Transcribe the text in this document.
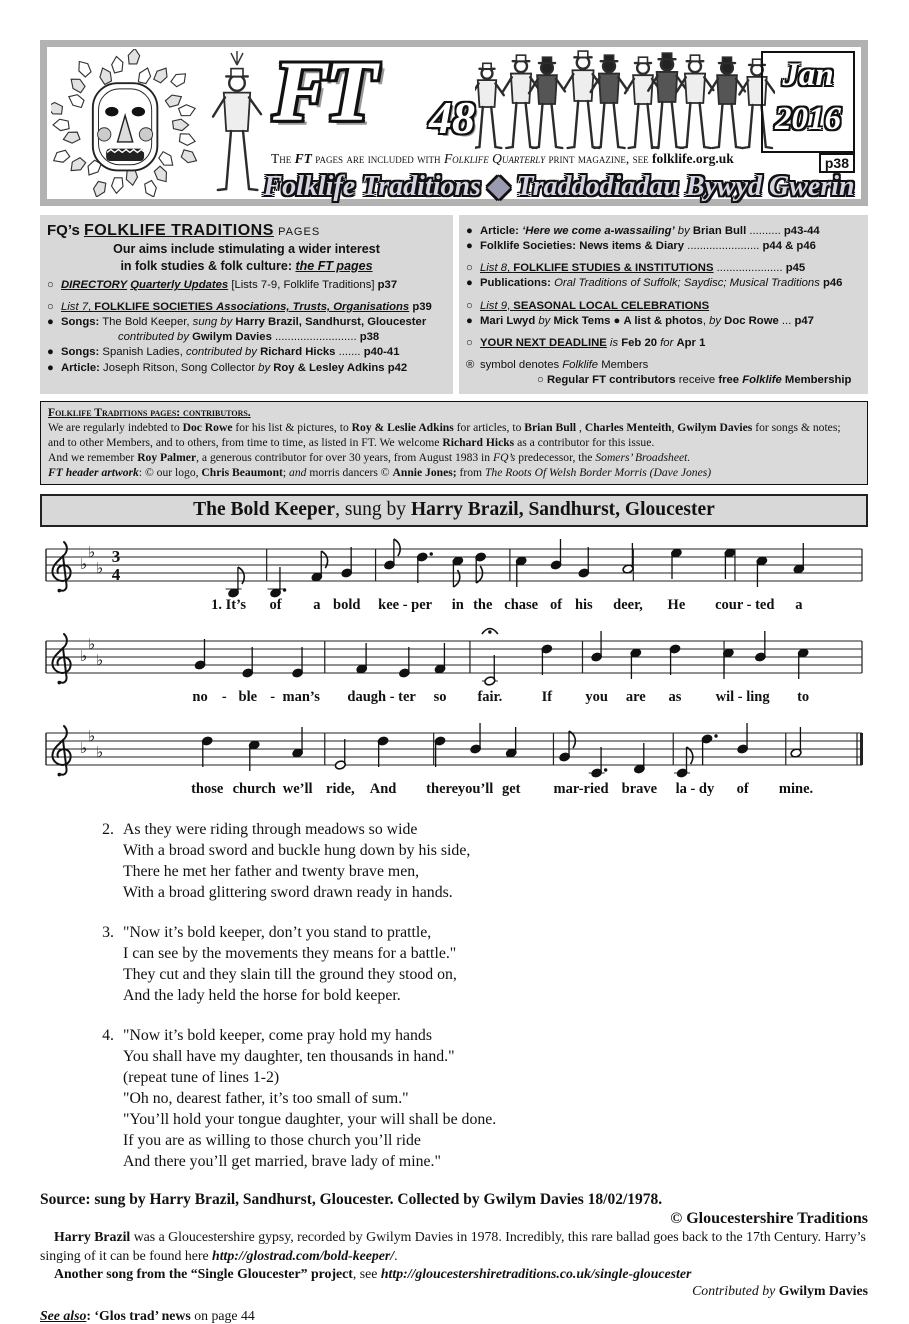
FT 48
Jan
2016
p38
The FT pages are included with Folklife Quarterly print magazine, see folklife.org.uk
Folklife Traditions ◆ Traddodiadau Bywyd Gwerin
FQ’s FOLKLIFE TRADITIONS PAGES
Our aims include stimulating a wider interest
in folk studies & folk culture: the FT pages
○ DIRECTORY Quarterly Updates [Lists 7-9, Folklife Traditions] p37
○ List 7, FOLKLIFE SOCIETIES Associations, Trusts, Organisations p39
● Songs: The Bold Keeper, sung by Harry Brazil, Sandhurst, Gloucester
contributed by Gwilym Davies .......................... p38
● Songs: Spanish Ladies, contributed by Richard Hicks ....... p40-41
● Article: Joseph Ritson, Song Collector by Roy & Lesley Adkins p42
● Article: ‘Here we come a-wassailing’ by Brian Bull .......... p43-44
● Folklife Societies: News items & Diary ....................... p44 & p46
○ List 8, FOLKLIFE STUDIES & INSTITUTIONS ..................... p45
● Publications: Oral Traditions of Suffolk; Saydisc; Musical Traditions p46
○ List 9, SEASONAL LOCAL CELEBRATIONS
● Mari Lwyd by Mick Tems ● A list & photos, by Doc Rowe ... p47
○ YOUR NEXT DEADLINE is Feb 20 for Apr 1
® symbol denotes Folklife Members
○ Regular FT contributors receive free Folklife Membership
Folklife Traditions pages: contributors.
We are regularly indebted to Doc Rowe for his list & pictures, to Roy & Leslie Adkins for articles, to Brian Bull , Charles Menteith, Gwilym Davies for songs & notes; and to other Members, and to others, from time to time, as listed in FT. We welcome Richard Hicks as a contributor for this issue.
And we remember Roy Palmer, a generous contributor for over 30 years, from August 1983 in FQ’s predecessor, the Somers’ Broadsheet.
FT header artwork: © our logo, Chris Beaumont; and morris dancers © Annie Jones; from The Roots Of Welsh Border Morris (Dave Jones)
The Bold Keeper, sung by Harry Brazil, Sandhurst, Gloucester
♭
♭
♭
3
4
1. It’s of a bold kee - per in the chase of his deer, He cour - ted a
♭
♭
♭
no - ble - man’s daugh - ter so fair.	If you are as wil - ling to
♭
♭
♭
those church we’ll ride, And there you’ll get mar-ried brave la - dy of mine.
2. As they were riding through meadows so wide
With a broad sword and buckle hung down by his side,
There he met her father and twenty brave men,
With a broad glittering sword drawn ready in hands.
3. "Now it’s bold keeper, don’t you stand to prattle,
I can see by the movements they means for a battle."
They cut and they slain till the ground they stood on,
And the lady held the horse for bold keeper.
4. "Now it’s bold keeper, come pray hold my hands
You shall have my daughter, ten thousands in hand."
(repeat tune of lines 1-2)
"Oh no, dearest father, it’s too small of sum."
"You’ll hold your tongue daughter, your will shall be done.
If you are as willing to those church you’ll ride
And there you’ll get married, brave lady of mine."
Source: sung by Harry Brazil, Sandhurst, Gloucester. Collected by Gwilym Davies 18/02/1978.
© Gloucestershire Traditions
Harry Brazil was a Gloucestershire gypsy, recorded by Gwilym Davies in 1978. Incredibly, this rare ballad goes back to the 17th Century. Harry’s singing of it can be found here http://glostrad.com/bold-keeper/.
Another song from the “Single Gloucester” project, see http://gloucestershiretraditions.co.uk/single-gloucester
Contributed by Gwilym Davies
See also: ‘Glos trad’ news on page 44
